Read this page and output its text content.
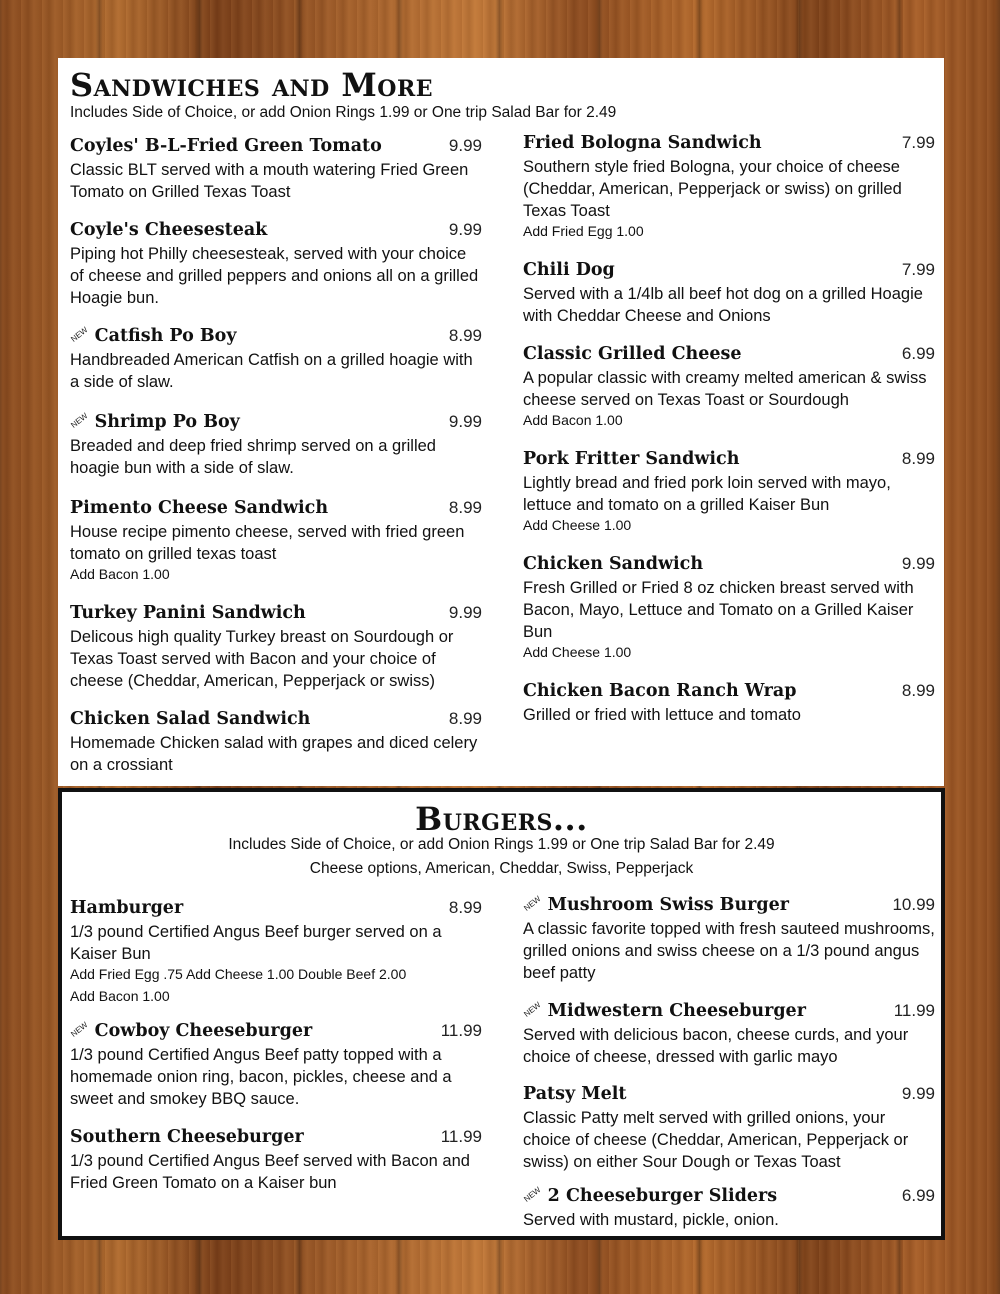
Sandwiches and More
Includes Side of Choice, or add Onion Rings 1.99 or One trip Salad Bar for 2.49
Coyles' B-L-Fried Green Tomato	9.99
Classic BLT served with a mouth watering Fried Green Tomato on Grilled Texas Toast
Coyle's Cheesesteak	9.99
Piping hot Philly cheesesteak, served with your choice of cheese and grilled peppers and onions all on a grilled Hoagie bun.
NEW Catfish Po Boy	8.99
Handbreaded American Catfish on a grilled hoagie with a side of slaw.
NEW Shrimp Po Boy	9.99
Breaded and deep fried shrimp served on a grilled hoagie bun with a side of slaw.
Pimento Cheese Sandwich	8.99
House recipe pimento cheese, served with fried green tomato on grilled texas toast
Add Bacon 1.00
Turkey Panini Sandwich	9.99
Delicous high quality Turkey breast on Sourdough or Texas Toast served with Bacon and your choice of cheese (Cheddar, American, Pepperjack or swiss)
Chicken Salad Sandwich	8.99
Homemade Chicken salad with grapes and diced celery on a crossiant
Fried Bologna Sandwich	7.99
Southern style fried Bologna, your choice of cheese (Cheddar, American, Pepperjack or swiss) on grilled Texas Toast
Add Fried Egg 1.00
Chili Dog	7.99
Served with a 1/4lb all beef hot dog on a grilled Hoagie with Cheddar Cheese and Onions
Classic Grilled Cheese	6.99
A popular classic with creamy melted american & swiss cheese served on Texas Toast or Sourdough
Add Bacon 1.00
Pork Fritter Sandwich	8.99
Lightly bread and fried pork loin served with mayo, lettuce and tomato on a grilled Kaiser Bun
Add Cheese 1.00
Chicken Sandwich	9.99
Fresh Grilled or Fried 8 oz chicken breast served with Bacon, Mayo, Lettuce and Tomato on a Grilled Kaiser Bun
Add Cheese 1.00
Chicken Bacon Ranch Wrap	8.99
Grilled or fried with lettuce and tomato
Burgers...
Includes Side of Choice, or add Onion Rings 1.99 or One trip Salad Bar for 2.49
Cheese options, American, Cheddar, Swiss, Pepperjack
Hamburger	8.99
1/3 pound Certified Angus Beef burger served on a Kaiser Bun
Add Fried Egg .75 Add Cheese 1.00 Double Beef 2.00
Add Bacon 1.00
NEW Cowboy Cheeseburger	11.99
1/3 pound Certified Angus Beef patty topped with a homemade onion ring, bacon, pickles, cheese and a sweet and smokey BBQ sauce.
Southern Cheeseburger	11.99
1/3 pound Certified Angus Beef served with Bacon and Fried Green Tomato on a Kaiser bun
NEW Mushroom Swiss Burger	10.99
A classic favorite topped with fresh sauteed mushrooms, grilled onions and swiss cheese on a 1/3 pound angus beef patty
NEW Midwestern Cheeseburger	11.99
Served with delicious bacon, cheese curds, and your choice of cheese, dressed with garlic mayo
Patsy Melt	9.99
Classic Patty melt served with grilled onions, your choice of cheese (Cheddar, American, Pepperjack or swiss) on either Sour Dough or Texas Toast
NEW 2 Cheeseburger Sliders	6.99
Served with mustard, pickle, onion.
